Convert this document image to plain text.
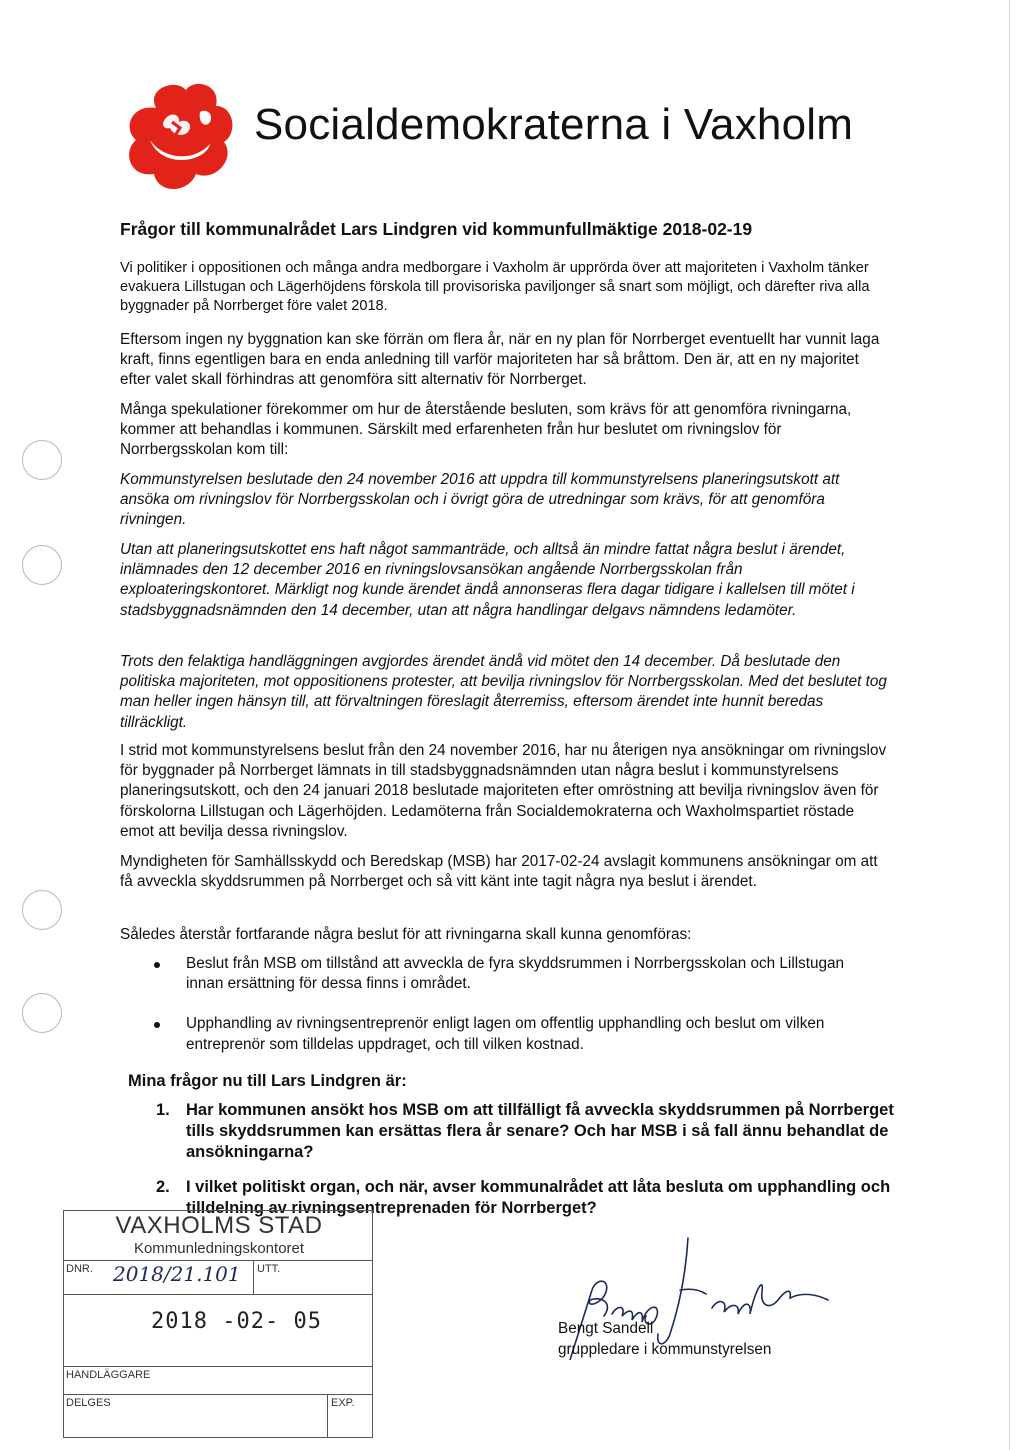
Socialdemokraterna i Vaxholm
Frågor till kommunalrådet Lars Lindgren vid kommunfullmäktige 2018-02-19

Vi politiker i oppositionen och många andra medborgare i Vaxholm är upprörda över att majoriteten i Vaxholm tänker evakuera Lillstugan och Lägerhöjdens förskola till provisoriska paviljonger så snart som möjligt, och därefter riva alla byggnader på Norrberget före valet 2018.

Eftersom ingen ny byggnation kan ske förrän om flera år, när en ny plan för Norrberget eventuellt har vunnit laga kraft, finns egentligen bara en enda anledning till varför majoriteten har så bråttom. Den är, att en ny majoritet efter valet skall förhindras att genomföra sitt alternativ för Norrberget.

Många spekulationer förekommer om hur de återstående besluten, som krävs för att genomföra rivningarna, kommer att behandlas i kommunen. Särskilt med erfarenheten från hur beslutet om rivningslov för Norrbergsskolan kom till:

Kommunstyrelsen beslutade den 24 november 2016 att uppdra till kommunstyrelsens planeringsutskott att ansöka om rivningslov för Norrbergsskolan och i övrigt göra de utredningar som krävs, för att genomföra rivningen.

Utan att planeringsutskottet ens haft något sammanträde, och alltså än mindre fattat några beslut i ärendet, inlämnades den 12 december 2016 en rivningslovsansökan angående Norrbergsskolan från exploateringskontoret. Märkligt nog kunde ärendet ändå annonseras flera dagar tidigare i kallelsen till mötet i stadsbyggnadsnämnden den 14 december, utan att några handlingar delgavs nämndens ledamöter.

Trots den felaktiga handläggningen avgjordes ärendet ändå vid mötet den 14 december. Då beslutade den politiska majoriteten, mot oppositionens protester, att bevilja rivningslov för Norrbergsskolan. Med det beslutet tog man heller ingen hänsyn till, att förvaltningen föreslagit återremiss, eftersom ärendet inte hunnit beredas tillräckligt.

I strid mot kommunstyrelsens beslut från den 24 november 2016, har nu återigen nya ansökningar om rivningslov för byggnader på Norrberget lämnats in till stadsbyggnadsnämnden utan några beslut i kommunstyrelsens planeringsutskott, och den 24 januari 2018 beslutade majoriteten efter omröstning att bevilja rivningslov även för förskolorna Lillstugan och Lägerhöjden. Ledamöterna från Socialdemokraterna och Waxholmspartiet röstade emot att bevilja dessa rivningslov.

Myndigheten för Samhällsskydd och Beredskap (MSB) har 2017-02-24 avslagit kommunens ansökningar om att få avveckla skyddsrummen på Norrberget och så vitt känt inte tagit några nya beslut i ärendet.

Således återstår fortfarande några beslut för att rivningarna skall kunna genomföras:

Beslut från MSB om tillstånd att avveckla de fyra skyddsrummen i Norrbergsskolan och Lillstugan innan ersättning för dessa finns i området.
Upphandling av rivningsentreprenör enligt lagen om offentlig upphandling och beslut om vilken entreprenör som tilldelas uppdraget, och till vilken kostnad.
Mina frågor nu till Lars Lindgren är:
1. Har kommunen ansökt hos MSB om att tillfälligt få avveckla skyddsrummen på Norrberget tills skyddsrummen kan ersättas flera år senare? Och har MSB i så fall ännu behandlat de ansökningarna?
2. I vilket politiskt organ, och när, avser kommunalrådet att låta besluta om upphandling och tilldelning av rivningsentreprenaden för Norrberget?
VAXHOLMS STAD
Kommunledningskontoret
DNR. 2018/21.101 UTT.
2018 -02- 05
HANDLÄGGARE
DELGES	EXP.
Bengt Sandell
gruppledare i kommunstyrelsen
